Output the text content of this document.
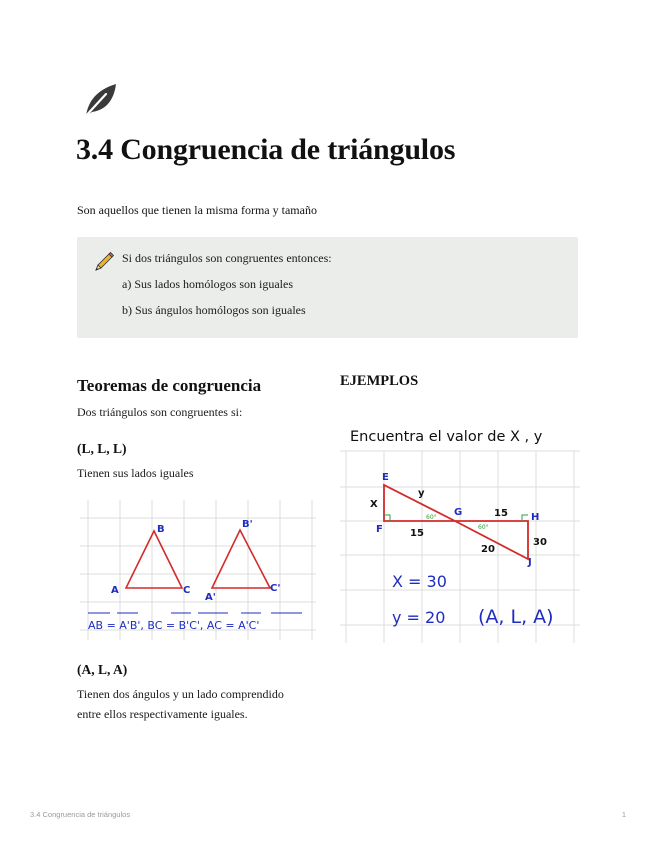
3.4 Congruencia de triángulos
Son aquellos que tienen la misma forma y tamaño
Si dos triángulos son congruentes entonces:
a) Sus lados homólogos son iguales
b) Sus ángulos homólogos son iguales
Teoremas de congruencia
Dos triángulos son congruentes si:
(L, L, L)
Tienen sus lados iguales
A
B
C
A'
B'
C'
AB = A'B', BC = B'C', AC = A'C'
(A, L, A)
Tienen dos ángulos y un lado comprendido
entre ellos respectivamente iguales.
EJEMPLOS
Encuentra el valor de X , y
E
F
G	H
J
X
y
15
15
20
30
60°
60°
X = 30
y = 20 (A, L, A)
3.4 Congruencia de triángulos	1
